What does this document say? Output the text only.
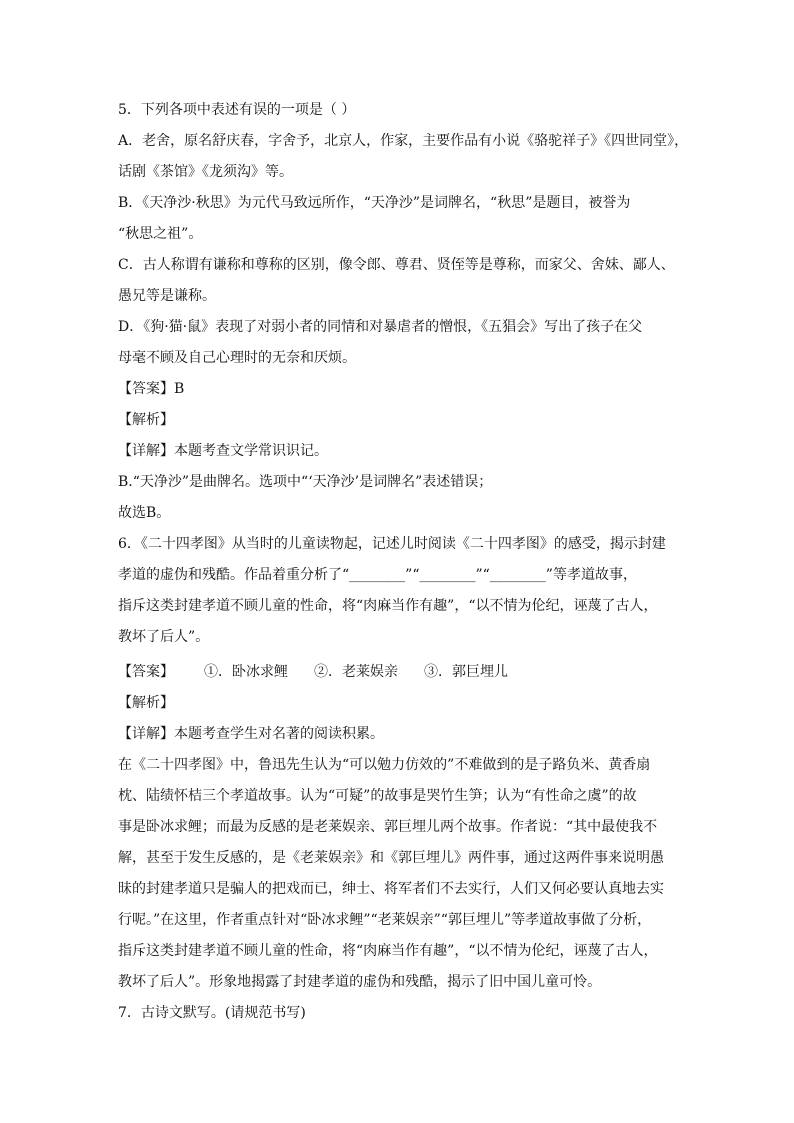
5．下列各项中表述有误的一项是（ ）
A．老舍，原名舒庆春，字舍予，北京人，作家，主要作品有小说《骆驼祥子》《四世同堂》，
话剧《茶馆》《龙须沟》等。
B．《天净沙·秋思》为元代马致远所作，“天净沙”是词牌名，“秋思”是题目，被誉为
“秋思之祖”。
C．古人称谓有谦称和尊称的区别，像令郎、尊君、贤侄等是尊称，而家父、舍妹、鄙人、
愚兄等是谦称。
D．《狗·猫·鼠》表现了对弱小者的同情和对暴虐者的憎恨，《五猖会》写出了孩子在父
母毫不顾及自己心理时的无奈和厌烦。
【答案】B
【解析】
【详解】本题考查文学常识识记。
B.“天净沙”是曲牌名。选项中“‘天净沙’是词牌名”表述错误；
故选B。
6．《二十四孝图》从当时的儿童读物起，记述儿时阅读《二十四孝图》的感受，揭示封建
孝道的虚伪和残酷。作品着重分析了“________”“________”“________”等孝道故事，
指斥这类封建孝道不顾儿童的性命，将“肉麻当作有趣”，“以不情为伦纪，诬蔑了古人，
教坏了后人”。
【答案】 ①．卧冰求鲤 ②．老莱娱亲 ③．郭巨埋儿
【解析】
【详解】本题考查学生对名著的阅读积累。
在《二十四孝图》中，鲁迅先生认为“可以勉力仿效的”不难做到的是子路负米、黄香扇
枕、陆绩怀桔三个孝道故事。认为“可疑”的故事是哭竹生笋；认为“有性命之虞”的故
事是卧冰求鲤；而最为反感的是老莱娱亲、郭巨埋儿两个故事。作者说：“其中最使我不
解，甚至于发生反感的，是《老莱娱亲》和《郭巨埋儿》两件事，通过这两件事来说明愚
昧的封建孝道只是骗人的把戏而已，绅士、将军者们不去实行，人们又何必要认真地去实
行呢。”在这里，作者重点针对“卧冰求鲤”“老莱娱亲”“郭巨埋儿”等孝道故事做了分析，
指斥这类封建孝道不顾儿童的性命，将“肉麻当作有趣”，“以不情为伦纪，诬蔑了古人，
教坏了后人”。形象地揭露了封建孝道的虚伪和残酷，揭示了旧中国儿童可怜。
7．古诗文默写。(请规范书写)
